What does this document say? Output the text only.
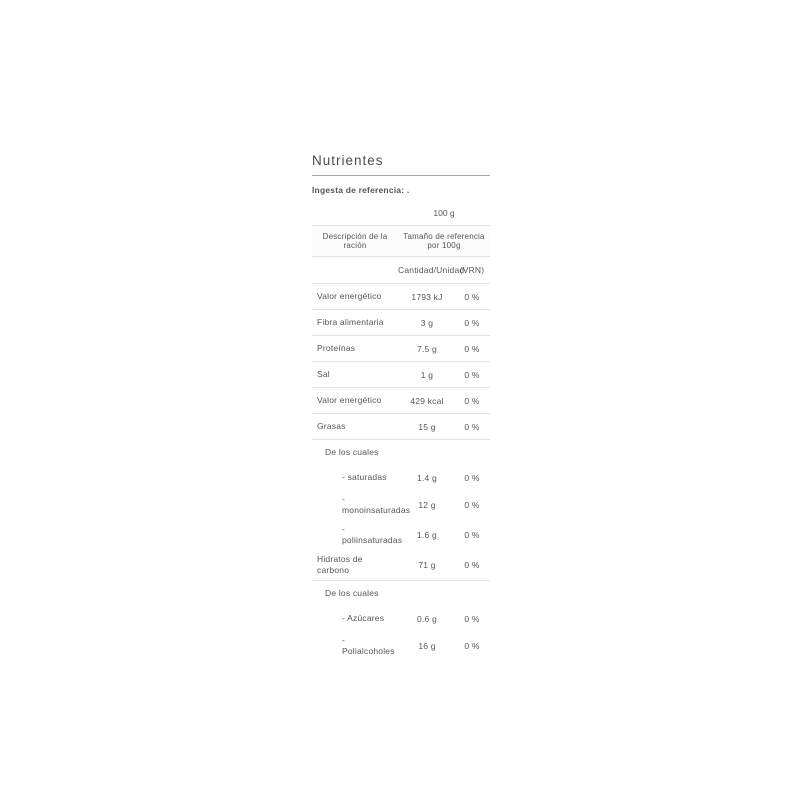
Nutrientes
Ingesta de referencia: .
100 g
Descripción de la ración
Tamaño de referencia por 100g
Cantidad/Unidad
(VRN)
Valor energético	1793 kJ	0 %
Fibra alimentaria	3 g	0 %
Proteínas	7.5 g	0 %
Sal	1 g	0 %
Valor energético	429 kcal	0 %
Grasas	15 g	0 %
De los cuales
- saturadas	1.4 g	0 %
- monoinsaturadas 12 g	0 %
- poliinsaturadas	1.6 g	0 %
Hidratos de carbono	71 g	0 %
De los cuales
- Azúcares	0.6 g	0 %
- Polialcoholes	16 g	0 %
